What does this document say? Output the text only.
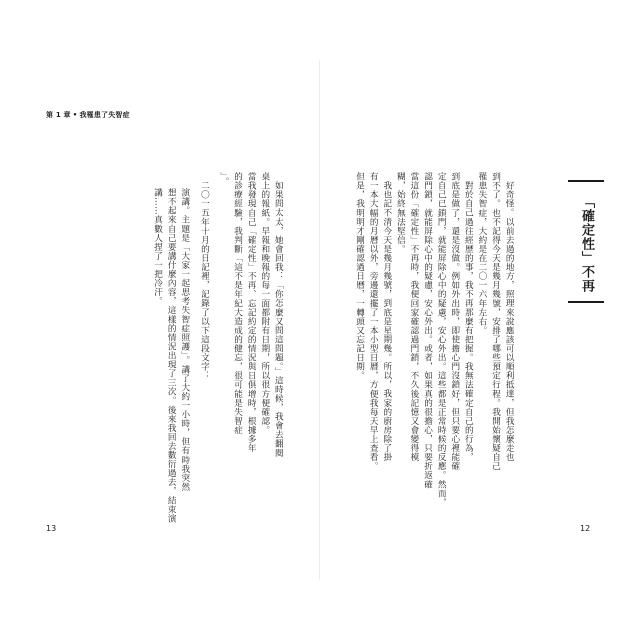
第 1 章 • 我罹患了失智症

如果問太太，她會回我：「你怎麼又問這問題。」這時候，我會去翻閱

桌上的報紙。早報和晚報的每一面都附有日期，所以很方便確認。

當我發現自己「確定性」不再、忘記約定的情況與日俱增時，根據多年

的診療經驗，我判斷「這不是年紀大造成的健忘，很可能是失智症

」。

二〇一五年十月的日記裡，記錄了以下這段文字：

演講。主題是「大家一起思考失智症照護」。講了大約一小時，但有時我突然

想不起來自己要講什麼內容，這樣的情況出現了三次。後來我回去數衍過去，結束演

講……真數人捏了一把冷汗。

13

好奇怪。以前去過的地方，照理來說應該可以順利抵達，但我怎麼走也

到不了。也不記得今天是幾月幾號，安排了哪些預定行程。我開始懷疑自己

罹患失智症，大約是在二〇一六年左右。

對於自己過往經歷的事，我不再那麼有把握。我無法確定自己的行為，

到底是做了，還是沒做。例如外出時，即使擔心門沒鎖好，但只要心裡能確

定自己已鎖門，就能屏除心中的疑慮，安心外出。這些都是正常時候的反應。然而，

認門鎖，就能屏除心中的疑慮，安心外出。或者，如果真的很擔心，只要折返確

當這份「確定性」不再時，我便回家確認過門鎖，不久後記憶又會變得模

糊，始終無法堅信。

我也記不清今天是幾月幾號，到底是星期幾。所以，我家的廚房除了掛

有一本大幅的月曆以外，旁邊還擺了一本小型日曆，方便我每天早上查看。

但是，我明明才剛確認過日曆，一轉頭又忘記日期。	「確定性」不再
12
